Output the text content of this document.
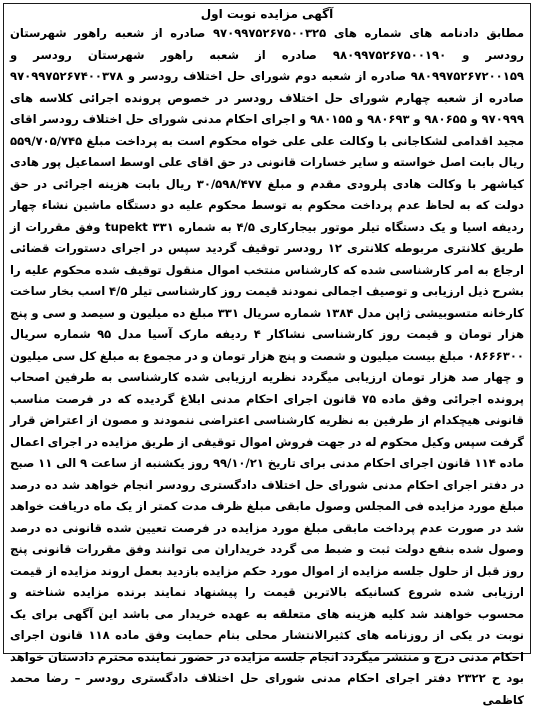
آگهی مزایده نوبت اول

مطابق دادنامه های شماره های ۹۷۰۹۹۷۵۲۶۷۵۰۰۳۲۵ صادره از شعبه راهور شهرستان رودسر و ۹۸۰۹۹۷۵۲۶۷۵۰۰۱۹۰ صادره از شعبه راهور شهرستان رودسر و ۹۸۰۹۹۷۵۲۶۷۲۰۰۱۵۹ صادره از شعبه دوم شورای حل اختلاف رودسر و ۹۷۰۹۹۷۵۲۶۷۴۰۰۳۷۸ صادره از شعبه چهارم شورای حل اختلاف رودسر در خصوص پرونده اجرائی کلاسه های ۹۷۰۹۹۹ و ۹۸۰۶۵۵ و ۹۸۰۶۹۳ و ۹۸۰۱۵۵ و اجرای احکام مدنی شورای حل اختلاف رودسر اقای مجید اقدامی لشکاجانی با وکالت علی علی خواه محکوم است به پرداخت مبلغ ۵۵۹/۷۰۵/۷۴۵ ریال بابت اصل خواسته و سایر خسارات قانونی در حق اقای علی اوسط اسماعیل پور هادی کیاشهر با وکالت هادی پلرودی مقدم و مبلغ ۳۰/۵۹۸/۴۷۷ ریال بابت هزینه اجرائی در حق دولت که به لحاظ عدم پرداخت محکوم به توسط محکوم علیه دو دستگاه ماشین نشاء چهار ردیفه اسیا و یک دستگاه تیلر موتور بیجارکاری ۴/۵ به شماره ۳۳۱ tupekt وفق مقررات از طریق کلانتری مربوطه کلانتری ۱۲ رودسر توقیف گردید سپس در اجرای دستورات قضائی ارجاع به امر کارشناسی شده که کارشناس منتخب اموال منقول توقیف شده محکوم علیه را بشرح ذیل ارزیابی و توصیف اجمالی نمودند قیمت روز کارشناسی تیلر ۴/۵ اسب بخار ساخت کارخانه متسوبیشی ژاپن مدل ۱۳۸۴ شماره سریال ۳۳۱ مبلغ ده میلیون و سیصد و سی و پنج هزار تومان و قیمت روز کارشناسی نشاکار ۴ ردیفه مارک آسیا مدل ۹۵ شماره سریال ۰۸۶۶۶۳۰۰ مبلغ بیست میلیون و شصت و پنج هزار تومان و در مجموع به مبلغ کل سی میلیون و چهار صد هزار تومان ارزیابی میگردد نظریه ارزیابی شده کارشناسی به طرفین اصحاب پرونده اجرائی وفق ماده ۷۵ قانون اجرای احکام مدنی ابلاغ گردیده که در فرصت مناسب قانونی هیچکدام از طرفین به نظریه کارشناسی اعتراضی ننمودند و مصون از اعتراض قرار گرفت سپس وکیل محکوم له در جهت فروش اموال توقیفی از طریق مزایده در اجرای اعمال ماده ۱۱۴ قانون اجرای احکام مدنی برای تاریخ ۹۹/۱۰/۲۱ روز یکشنبه از ساعت ۹ الی ۱۱ صبح در دفتر اجرای احکام مدنی شورای حل اختلاف دادگستری رودسر انجام خواهد شد ده درصد مبلغ مورد مزایده فی المجلس وصول مابقی مبلغ ظرف مدت کمتر از یک ماه دریافت خواهد شد در صورت عدم پرداخت مابقی مبلغ مورد مزایده در فرصت تعیین شده قانونی ده درصد وصول شده بنفع دولت ثبت و ضبط می گردد خریداران می توانند وفق مقررات قانونی پنج روز قبل از حلول جلسه مزایده از اموال مورد حکم مزایده بازدید بعمل اروند مزایده از قیمت ارزیابی شده شروع کسانیکه بالاترین قیمت را پیشنهاد نمایند برنده مزایده شناخته و محسوب خواهند شد کلیه هزینه های متعلقه به عهده خریدار می باشد این آگهی برای یک نوبت در یکی از روزنامه های کثیرالانتشار محلی بنام حمایت وفق ماده ۱۱۸ قانون اجرای احکام مدنی درج و منتشر میگردد انجام جلسه مزایده در حضور نماینده محترم دادستان خواهد بود ح ۲۳۲۲ دفتر اجرای احکام مدنی شورای حل اختلاف دادگستری رودسر – رضا محمد کاظمی
